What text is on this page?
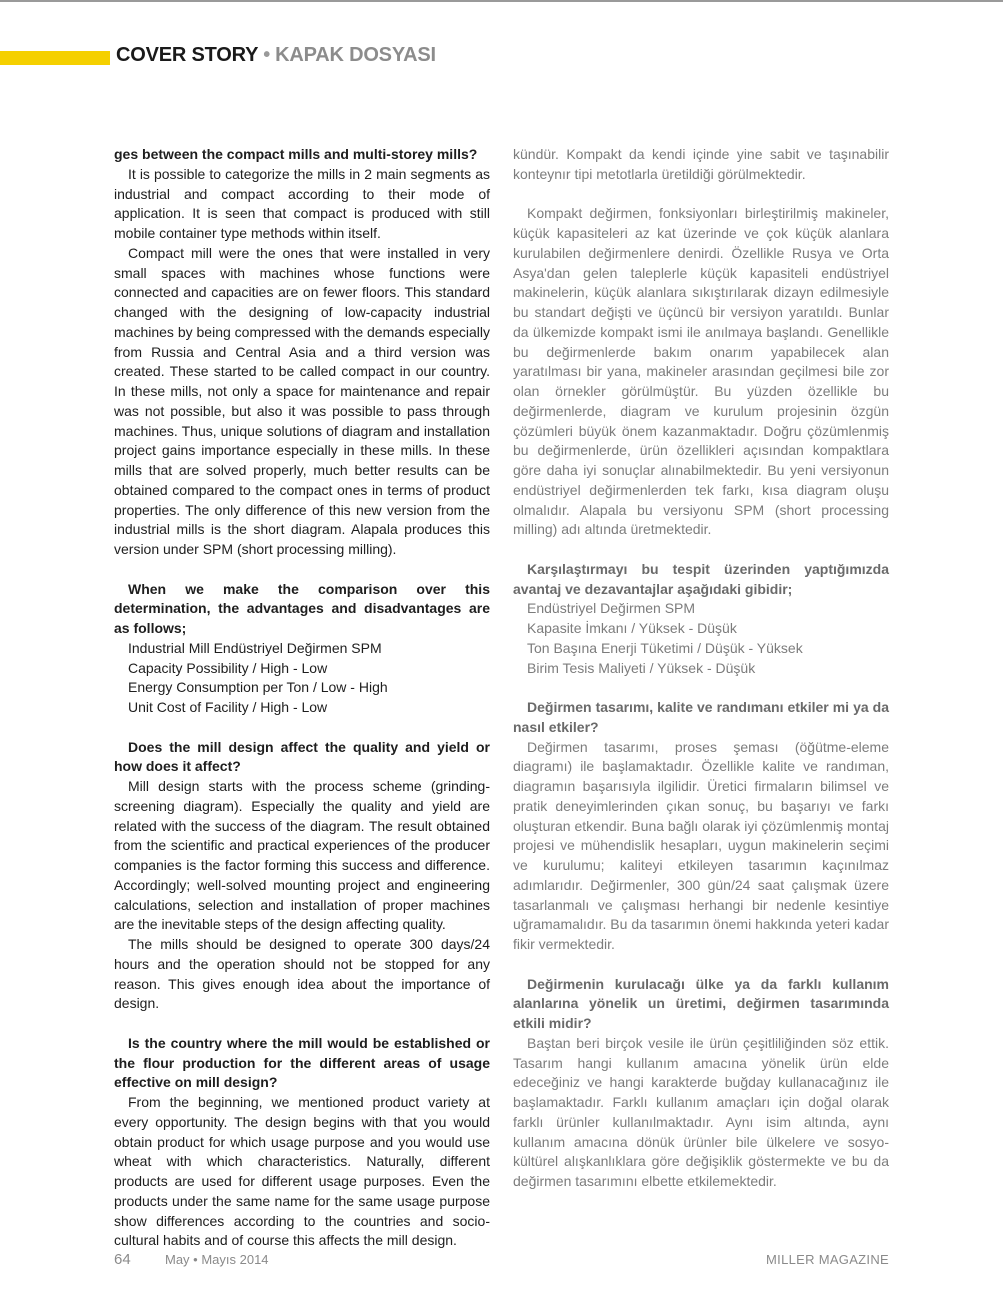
COVER STORY • KAPAK DOSYASI

ges between the compact mills and multi-storey mills?

It is possible to categorize the mills in 2 main segments as industrial and compact according to their mode of application. It is seen that compact is produced with still mobile container type methods within itself.

Compact mill were the ones that were installed in very small spaces with machines whose functions were connected and capacities are on fewer floors. This standard changed with the designing of low-capacity industrial machines by being compressed with the demands especially from Russia and Central Asia and a third version was created. These started to be called compact in our country. In these mills, not only a space for maintenance and repair was not possible, but also it was possible to pass through machines. Thus, unique solutions of diagram and installation project gains importance especially in these mills. In these mills that are solved properly, much better results can be obtained compared to the compact ones in terms of product properties. The only difference of this new version from the industrial mills is the short diagram. Alapala produces this version under SPM (short processing milling).

When we make the comparison over this determination, the advantages and disadvantages are as follows;

Industrial Mill Endüstriyel Değirmen SPM
Capacity Possibility / High - Low
Energy Consumption per Ton / Low - High
Unit Cost of Facility / High - Low

Does the mill design affect the quality and yield or how does it affect?

Mill design starts with the process scheme (grinding-screening diagram). Especially the quality and yield are related with the success of the diagram. The result obtained from the scientific and practical experiences of the producer companies is the factor forming this success and difference. Accordingly; well-solved mounting project and engineering calculations, selection and installation of proper machines are the inevitable steps of the design affecting quality.

The mills should be designed to operate 300 days/24 hours and the operation should not be stopped for any reason. This gives enough idea about the importance of design.

Is the country where the mill would be established or the flour production for the different areas of usage effective on mill design?

From the beginning, we mentioned product variety at every opportunity. The design begins with that you would obtain product for which usage purpose and you would use wheat with which characteristics. Naturally, different products are used for different usage purposes. Even the products under the same name for the same usage purpose show differences according to the countries and socio-cultural habits and of course this affects the mill design.

kündür. Kompakt da kendi içinde yine sabit ve taşınabilir konteynır tipi metotlarla üretildiği görülmektedir.

Kompakt değirmen, fonksiyonları birleştirilmiş makineler, küçük kapasiteleri az kat üzerinde ve çok küçük alanlara kurulabilen değirmenlere denirdi. Özellikle Rusya ve Orta Asya'dan gelen taleplerle küçük kapasiteli endüstriyel makinelerin, küçük alanlara sıkıştırılarak dizayn edilmesiyle bu standart değişti ve üçüncü bir versiyon yaratıldı. Bunlar da ülkemizde kompakt ismi ile anılmaya başlandı. Genellikle bu değirmenlerde bakım onarım yapabilecek alan yaratılması bir yana, makineler arasından geçilmesi bile zor olan örnekler görülmüştür. Bu yüzden özellikle bu değirmenlerde, diagram ve kurulum projesinin özgün çözümleri büyük önem kazanmaktadır. Doğru çözümlenmiş bu değirmenlerde, ürün özellikleri açısından kompaktlara göre daha iyi sonuçlar alınabilmektedir. Bu yeni versiyonun endüstriyel değirmenlerden tek farkı, kısa diagram oluşu olmalıdır. Alapala bu versiyonu SPM (short processing milling) adı altında üretmektedir.

Karşılaştırmayı bu tespit üzerinden yaptığımızda avantaj ve dezavantajlar aşağıdaki gibidir;

Endüstriyel Değirmen SPM
Kapasite İmkanı / Yüksek - Düşük
Ton Başına Enerji Tüketimi / Düşük - Yüksek
Birim Tesis Maliyeti / Yüksek - Düşük

Değirmen tasarımı, kalite ve randımanı etkiler mi ya da nasıl etkiler?

Değirmen tasarımı, proses şeması (öğütme-eleme diagramı) ile başlamaktadır. Özellikle kalite ve randıman, diagramın başarısıyla ilgilidir. Üretici firmaların bilimsel ve pratik deneyimlerinden çıkan sonuç, bu başarıyı ve farkı oluşturan etkendir. Buna bağlı olarak iyi çözümlenmiş montaj projesi ve mühendislik hesapları, uygun makinelerin seçimi ve kurulumu; kaliteyi etkileyen tasarımın kaçınılmaz adımlarıdır. Değirmenler, 300 gün/24 saat çalışmak üzere tasarlanmalı ve çalışması herhangi bir nedenle kesintiye uğramamalıdır. Bu da tasarımın önemi hakkında yeteri kadar fikir vermektedir.

Değirmenin kurulacağı ülke ya da farklı kullanım alanlarına yönelik un üretimi, değirmen tasarımında etkili midir?

Baştan beri birçok vesile ile ürün çeşitliliğinden söz ettik. Tasarım hangi kullanım amacına yönelik ürün elde edeceğiniz ve hangi karakterde buğday kullanacağınız ile başlamaktadır. Farklı kullanım amaçları için doğal olarak farklı ürünler kullanılmaktadır. Aynı isim altında, aynı kullanım amacına dönük ürünler bile ülkelere ve sosyo-kültürel alışkanlıklara göre değişiklik göstermekte ve bu da değirmen tasarımını elbette etkilemektedir.

64	May • Mayıs 2014	MILLER MAGAZINE
